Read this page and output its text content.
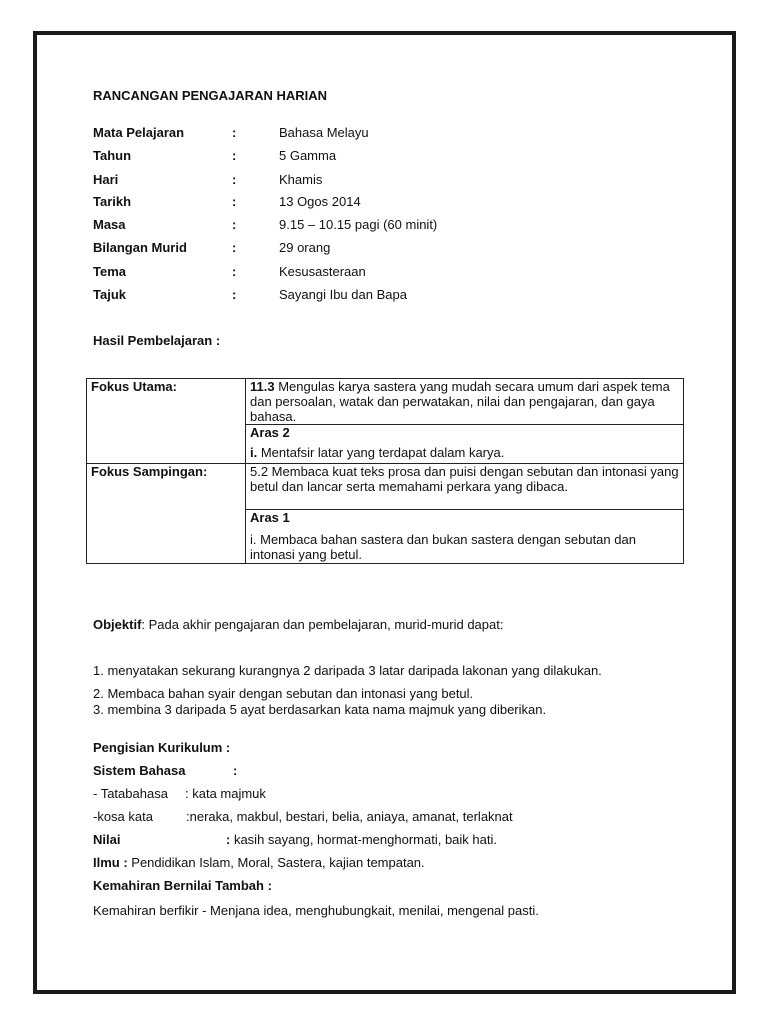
RANCANGAN PENGAJARAN HARIAN
Mata Pelajaran	:	Bahasa Melayu
Tahun	:	5 Gamma
Hari	:	Khamis
Tarikh	:	13 Ogos 2014
Masa	:	9.15 – 10.15 pagi (60 minit)
Bilangan Murid	:	29 orang
Tema	:	Kesusasteraan
Tajuk	:	Sayangi Ibu dan Bapa
Hasil Pembelajaran :
Fokus Utama:	11.3 Mengulas karya sastera yang mudah secara umum dari aspek tema dan persoalan, watak dan perwatakan, nilai dan pengajaran, dan gaya bahasa.

	Aras 2
i. Mentafsir latar yang terdapat dalam karya.

Fokus Sampingan:	5.2 Membaca kuat teks prosa dan puisi dengan sebutan dan intonasi yang betul dan lancar serta memahami perkara yang dibaca.

	Aras 1
i. Membaca bahan sastera dan bukan sastera dengan sebutan dan intonasi yang betul.
Objektif: Pada akhir pengajaran dan pembelajaran, murid-murid dapat:
1. menyatakan sekurang kurangnya 2 daripada 3 latar daripada lakonan yang dilakukan.
2. Membaca bahan syair dengan sebutan dan intonasi yang betul.
3. membina 3 daripada 5 ayat berdasarkan kata nama majmuk yang diberikan.
Pengisian Kurikulum :
Sistem Bahasa	:
- Tatabahasa : kata majmuk
-kosa kata	:neraka, makbul, bestari, belia, aniaya, amanat, terlaknat
Nilai	: kasih sayang, hormat-menghormati, baik hati.
Ilmu : Pendidikan Islam, Moral, Sastera, kajian tempatan.
Kemahiran Bernilai Tambah :
Kemahiran berfikir - Menjana idea, menghubungkait, menilai, mengenal pasti.
